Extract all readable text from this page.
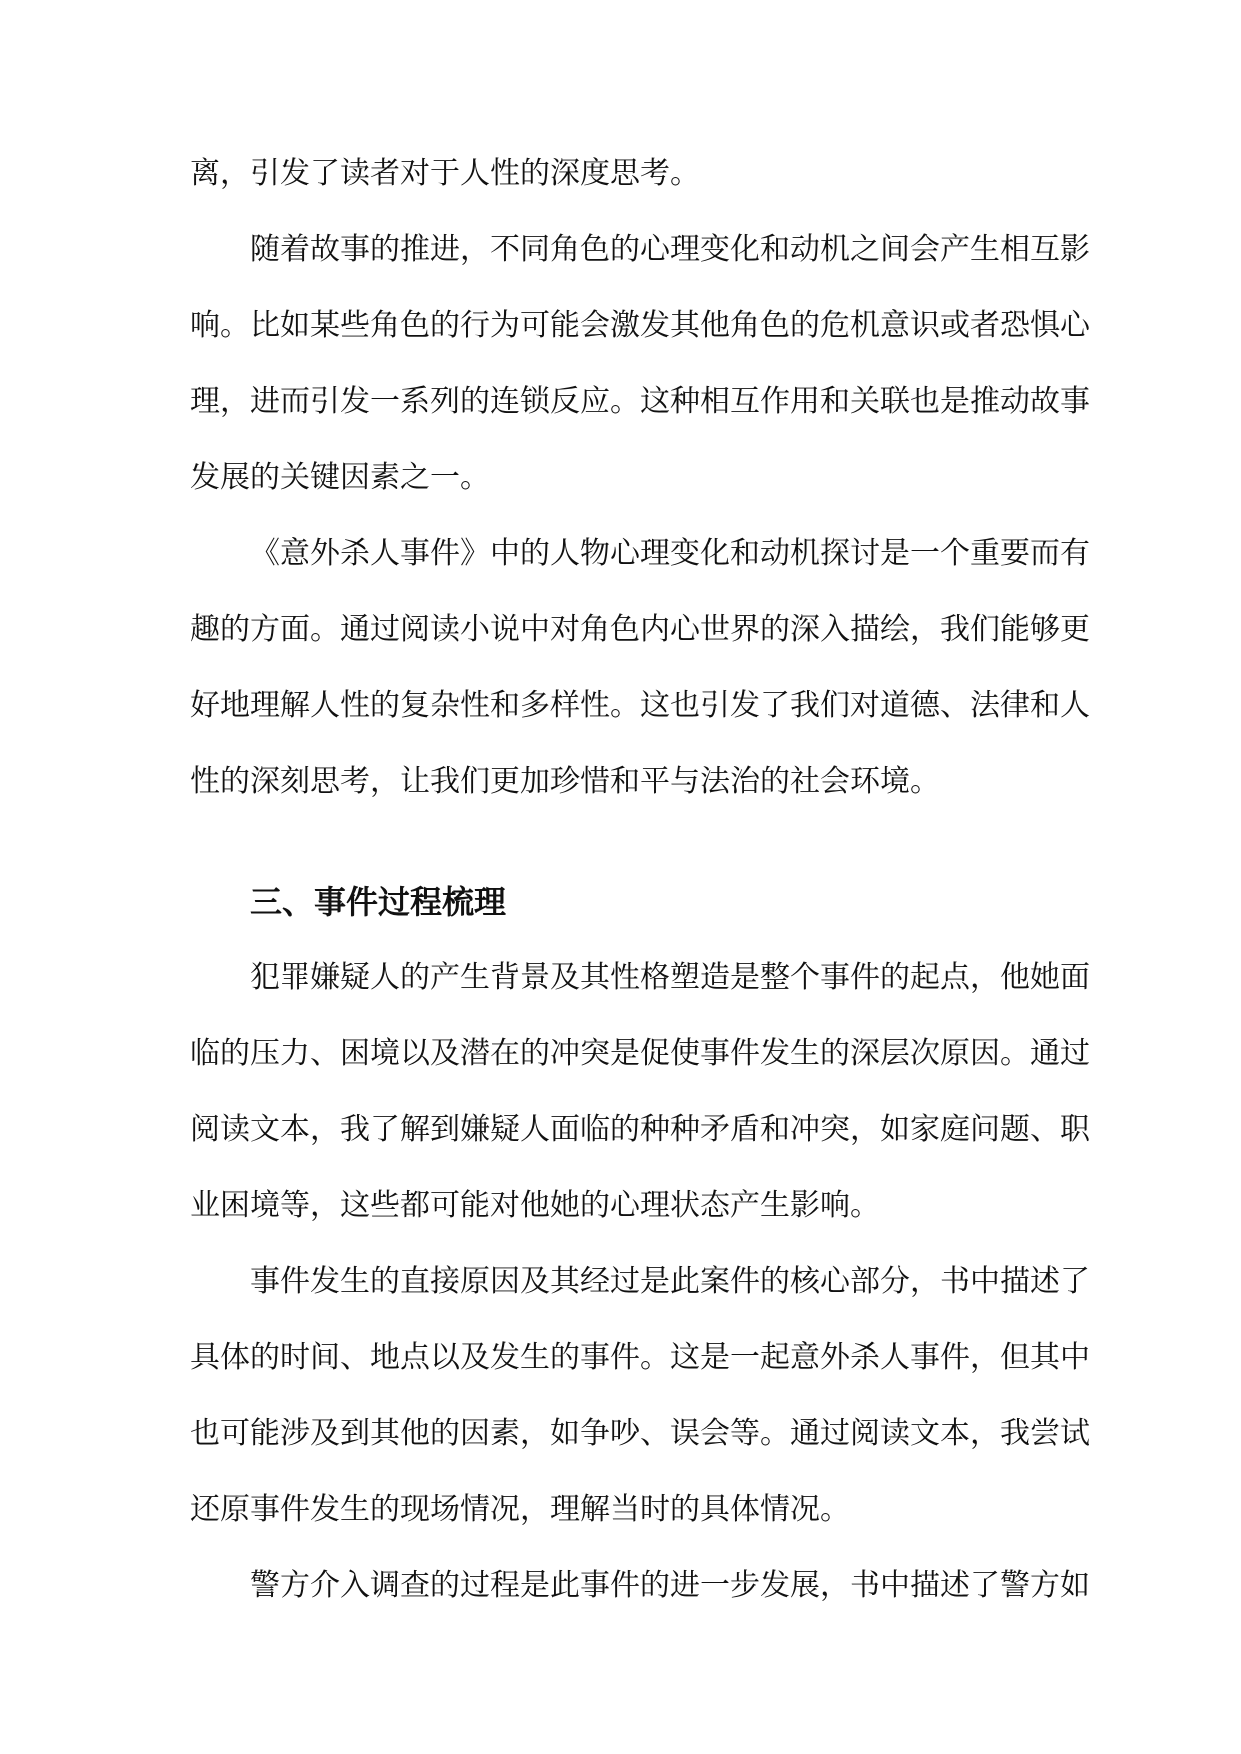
离，引发了读者对于人性的深度思考。
随着故事的推进，不同角色的心理变化和动机之间会产生相互影
响。比如某些角色的行为可能会激发其他角色的危机意识或者恐惧心
理，进而引发一系列的连锁反应。这种相互作用和关联也是推动故事
发展的关键因素之一。
《意外杀人事件》中的人物心理变化和动机探讨是一个重要而有
趣的方面。通过阅读小说中对角色内心世界的深入描绘，我们能够更
好地理解人性的复杂性和多样性。这也引发了我们对道德、法律和人
性的深刻思考，让我们更加珍惜和平与法治的社会环境。
三、事件过程梳理
犯罪嫌疑人的产生背景及其性格塑造是整个事件的起点，他她面
临的压力、困境以及潜在的冲突是促使事件发生的深层次原因。通过
阅读文本，我了解到嫌疑人面临的种种矛盾和冲突，如家庭问题、职
业困境等，这些都可能对他她的心理状态产生影响。
事件发生的直接原因及其经过是此案件的核心部分，书中描述了
具体的时间、地点以及发生的事件。这是一起意外杀人事件，但其中
也可能涉及到其他的因素，如争吵、误会等。通过阅读文本，我尝试
还原事件发生的现场情况，理解当时的具体情况。
警方介入调查的过程是此事件的进一步发展，书中描述了警方如
